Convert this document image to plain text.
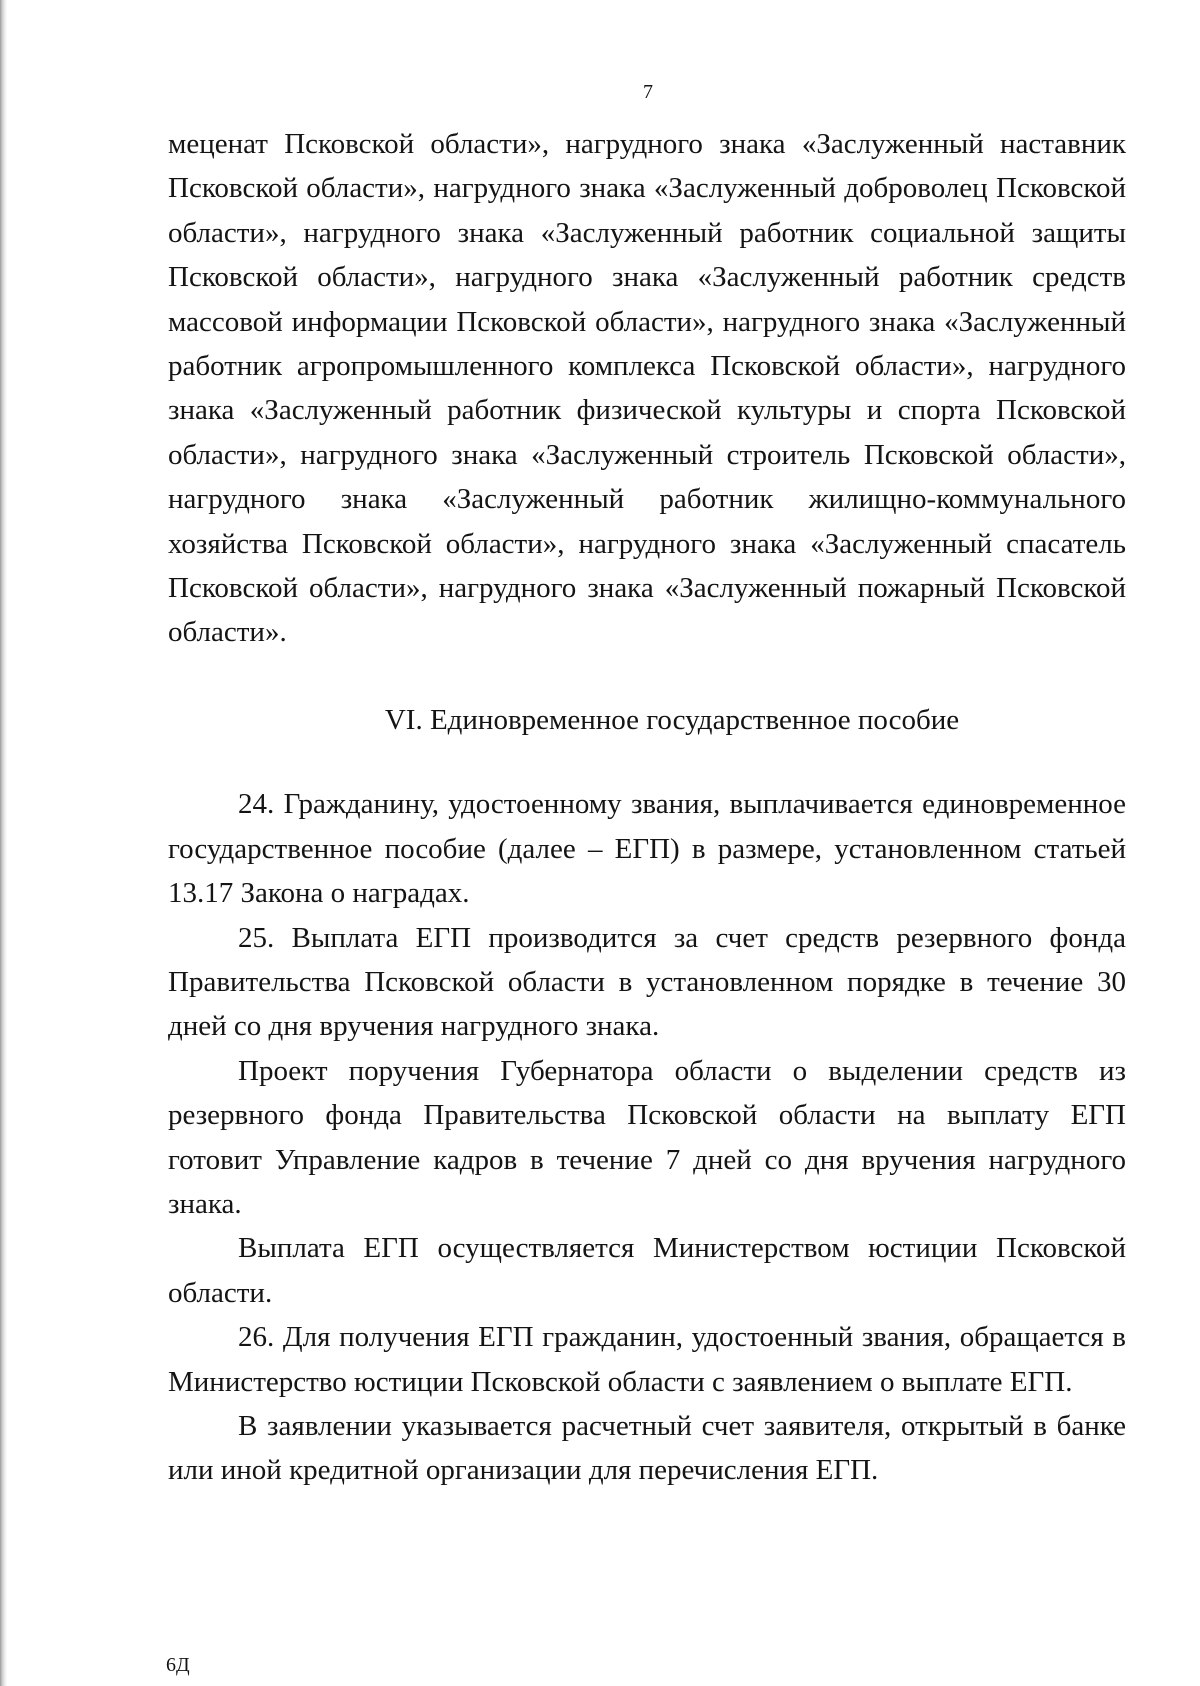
7

меценат Псковской области», нагрудного знака «Заслуженный наставник Псковской области», нагрудного знака «Заслуженный доброволец Псковской области», нагрудного знака «Заслуженный работник социальной защиты Псковской области», нагрудного знака «Заслуженный работник средств массовой информации Псковской области», нагрудного знака «Заслуженный работник агропромышленного комплекса Псковской области», нагрудного знака «Заслуженный работник физической культуры и спорта Псковской области», нагрудного знака «Заслуженный строитель Псковской области», нагрудного знака «Заслуженный работник жилищно-коммунального хозяйства Псковской области», нагрудного знака «Заслуженный спасатель Псковской области», нагрудного знака «Заслуженный пожарный Псковской области».

VI. Единовременное государственное пособие

24. Гражданину, удостоенному звания, выплачивается единовременное государственное пособие (далее – ЕГП) в размере, установленном статьей 13.17 Закона о наградах.

25. Выплата ЕГП производится за счет средств резервного фонда Правительства Псковской области в установленном порядке в течение 30 дней со дня вручения нагрудного знака.

Проект поручения Губернатора области о выделении средств из резервного фонда Правительства Псковской области на выплату ЕГП готовит Управление кадров в течение 7 дней со дня вручения нагрудного знака.

Выплата ЕГП осуществляется Министерством юстиции Псковской области.

26. Для получения ЕГП гражданин, удостоенный звания, обращается в Министерство юстиции Псковской области с заявлением о выплате ЕГП.

В заявлении указывается расчетный счет заявителя, открытый в банке или иной кредитной организации для перечисления ЕГП.

6Д
